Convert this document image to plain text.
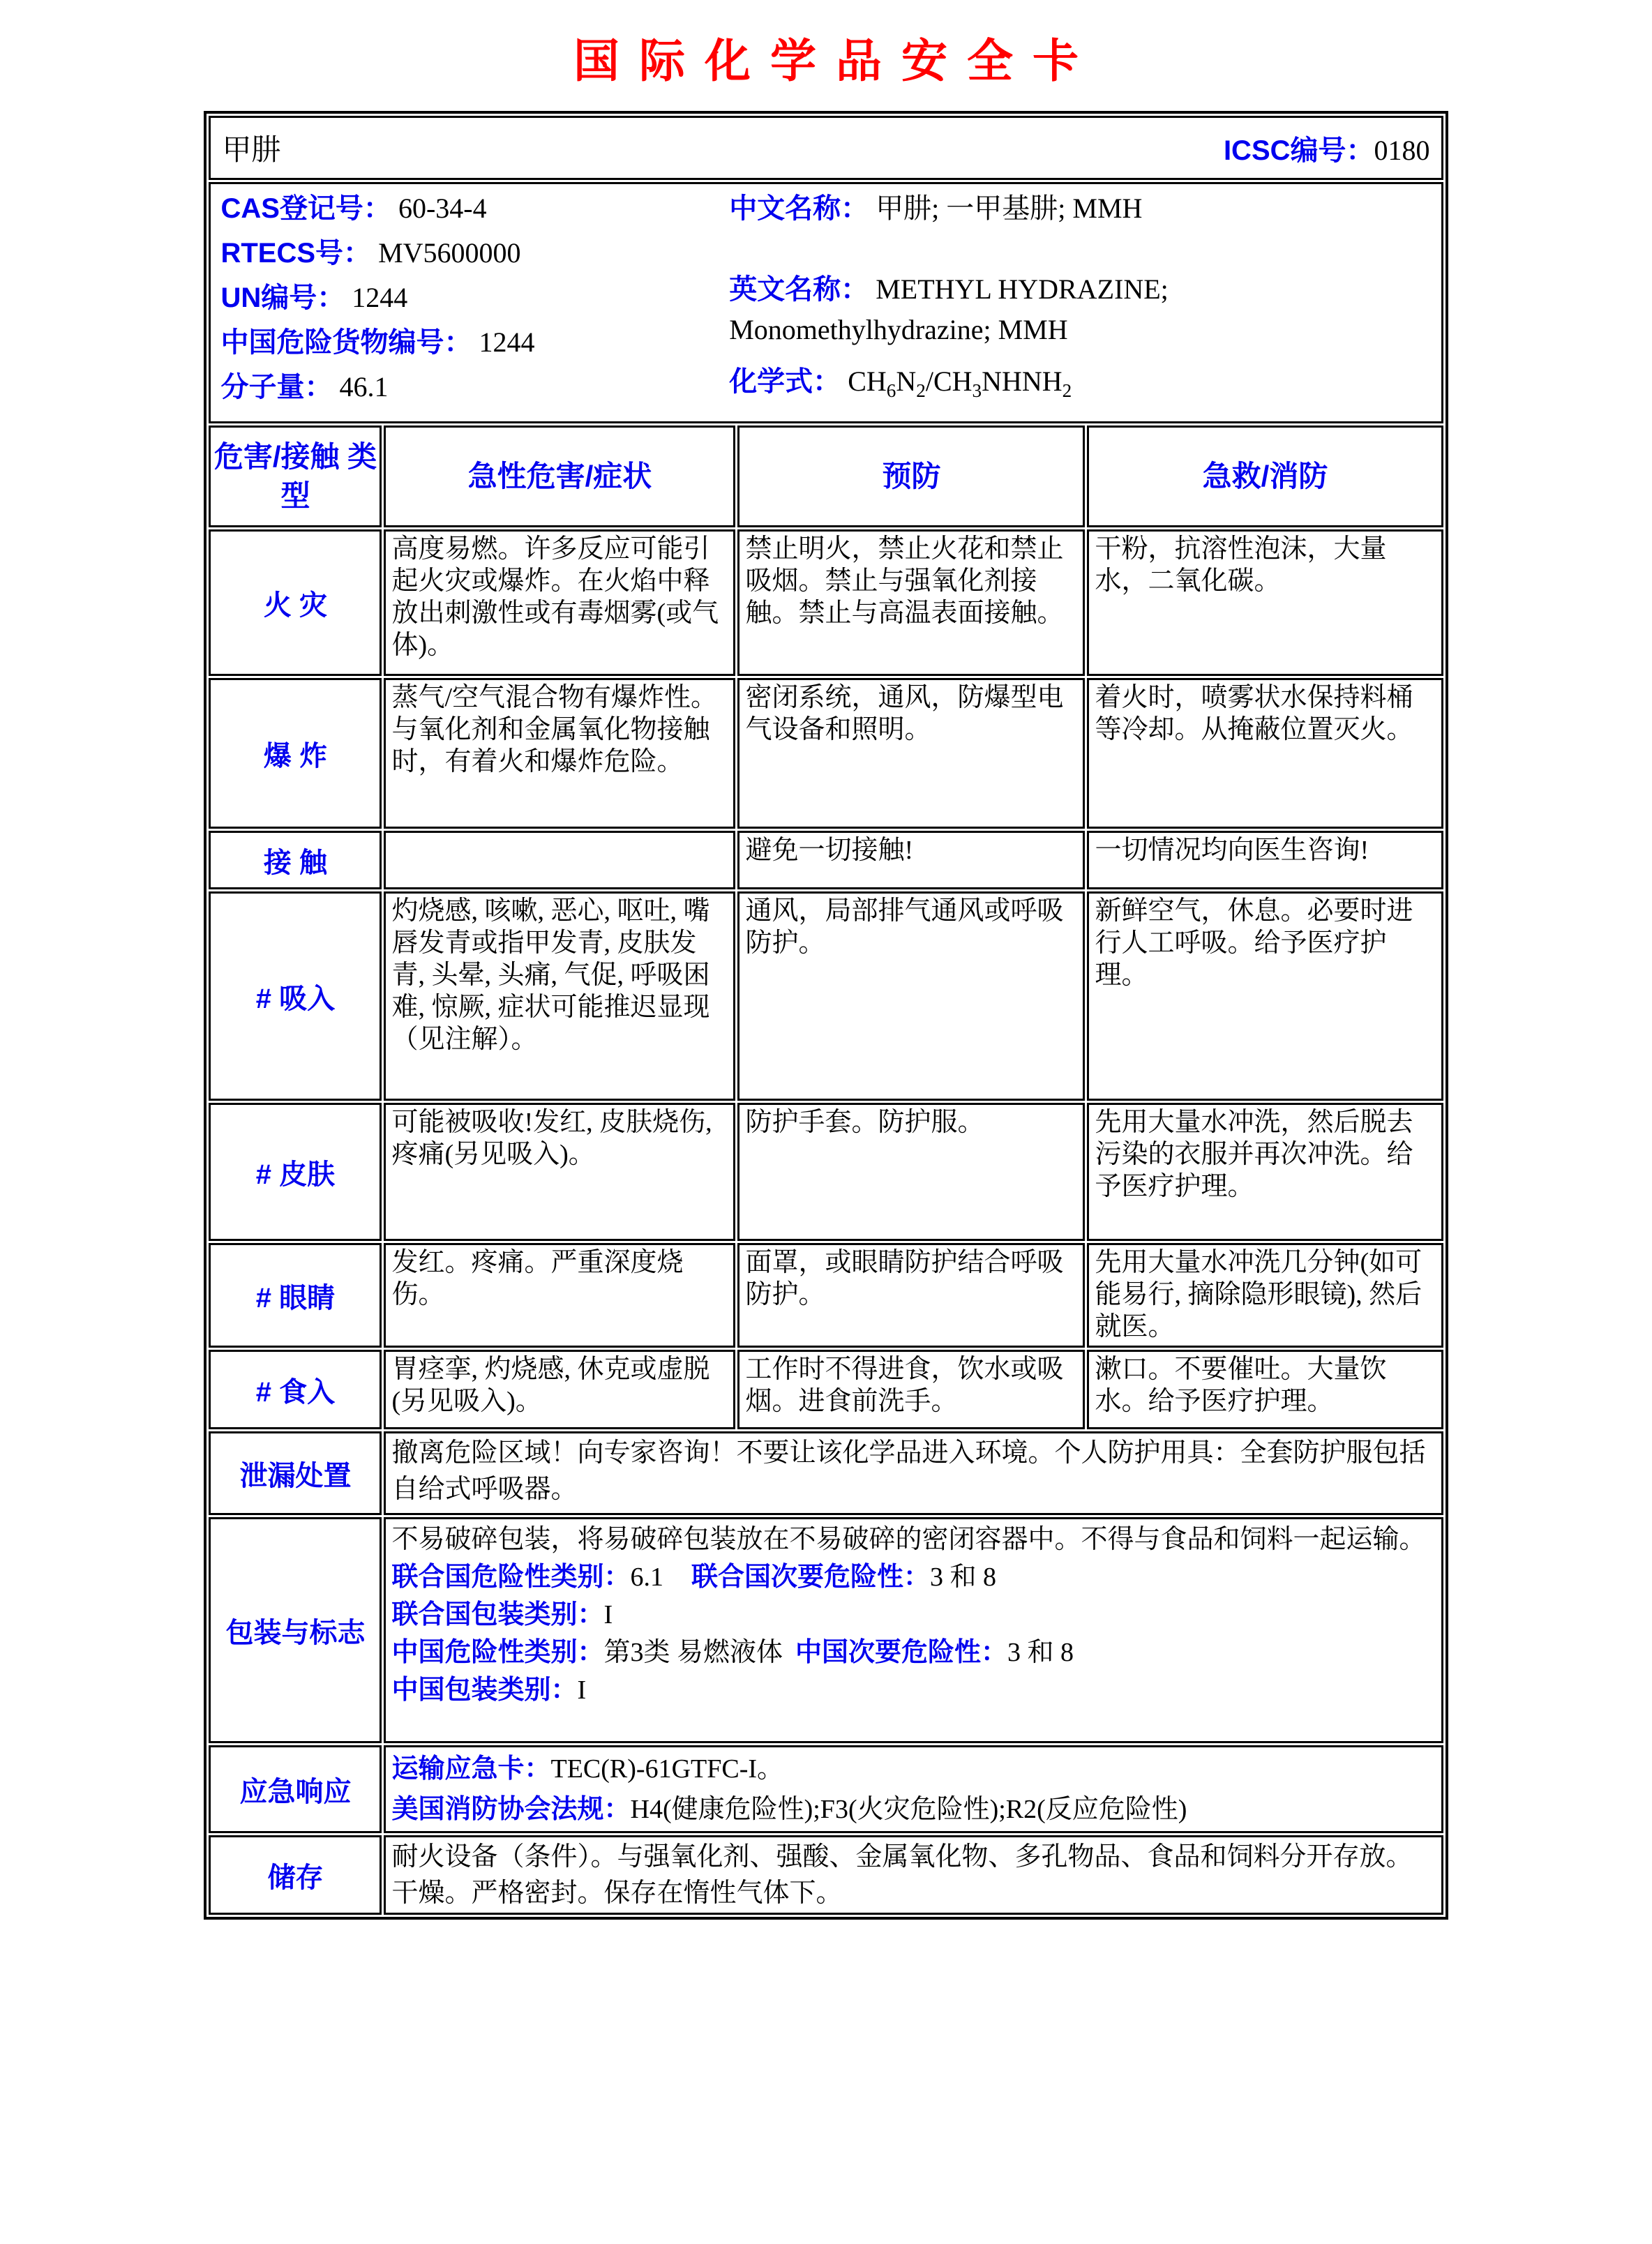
国际化学品安全卡
甲肼 ICSC编号：0180			

CAS登记号： 60-34-4
RTECS号： MV5600000
UN编号： 1244
中国危险货物编号： 1244
分子量： 46.1
中文名称： 甲肼; 一甲基肼; MMH
英文名称： METHYL HYDRAZINE; Monomethylhydrazine; MMH
化学式： $CH_6N_2/CH_3NHNH_2$

危害/接触 类型	急性危害/症状	预防	急救/消防
火 灾	高度易燃。许多反应可能引起火灾或爆炸。在火焰中释放出刺激性或有毒烟雾(或气体)。	禁止明火，禁止火花和禁止吸烟。禁止与强氧化剂接触。禁止与高温表面接触。	干粉，抗溶性泡沫，大量水，二氧化碳。
爆 炸	蒸气/空气混合物有爆炸性。与氧化剂和金属氧化物接触时，有着火和爆炸危险。	密闭系统，通风，防爆型电气设备和照明。	着火时，喷雾状水保持料桶等冷却。从掩蔽位置灭火。
接 触		避免一切接触!	一切情况均向医生咨询!
# 吸入	灼烧感, 咳嗽, 恶心, 呕吐, 嘴唇发青或指甲发青, 皮肤发青, 头晕, 头痛, 气促, 呼吸困难, 惊厥, 症状可能推迟显现（见注解）。	通风，局部排气通风或呼吸防护。	新鲜空气，休息。必要时进行人工呼吸。给予医疗护理。
# 皮肤	可能被吸收!发红, 皮肤烧伤, 疼痛(另见吸入)。	防护手套。防护服。	先用大量水冲洗，然后脱去污染的衣服并再次冲洗。给予医疗护理。
# 眼睛	发红。疼痛。严重深度烧伤。	面罩，或眼睛防护结合呼吸防护。	先用大量水冲洗几分钟(如可能易行, 摘除隐形眼镜), 然后就医。
# 食入	胃痉挛, 灼烧感, 休克或虚脱(另见吸入)。	工作时不得进食，饮水或吸烟。进食前洗手。	漱口。不要催吐。大量饮水。给予医疗护理。
泄漏处置	撤离危险区域！向专家咨询！不要让该化学品进入环境。个人防护用具：全套防护服包括自给式呼吸器。		
包装与标志	不易破碎包装，将易破碎包装放在不易破碎的密闭容器中。不得与食品和饲料一起运输。
联合国危险性类别：6.1 联合国次要危险性：3 和 8
联合国包装类别：I
中国危险性类别：第3类 易燃液体 中国次要危险性：3 和 8
中国包装类别：I		

应急响应	运输应急卡：TEC(R)-61GTFC-I。
美国消防协会法规：H4(健康危险性);F3(火灾危险性);R2(反应危险性)		

储存	耐火设备（条件）。与强氧化剂、强酸、金属氧化物、多孔物品、食品和饲料分开存放。干燥。严格密封。保存在惰性气体下。		
